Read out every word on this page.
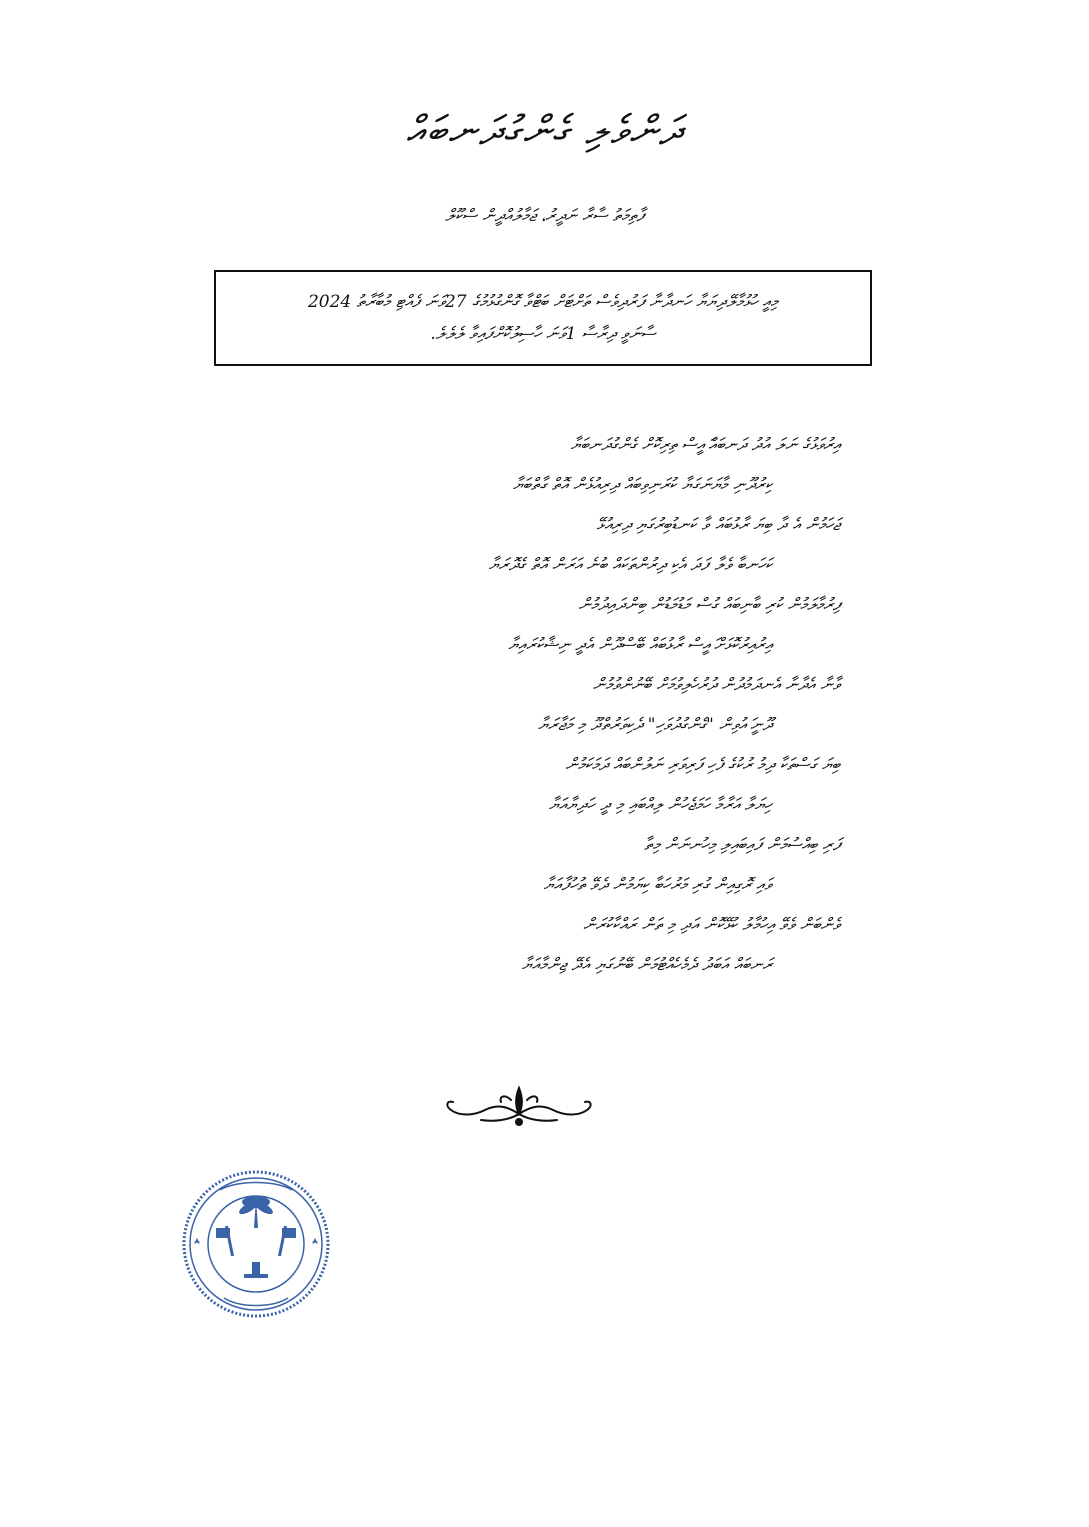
ދަންވެލި ގެންގުދަނބައް
ފާތިމަތު ސާރާ ނަދީރު، ޖަމާލުއްދީން ސްކޫލް
މިއީ ހުޅުމާލޭދިޔަޔާ ހަނދާނާ ފަރުދިވެސް ތަށްޓަށް ބަޓްވާ ގޮންގުޅުމުގެ 27ވަނަ ފެއްޓި މުބާރާތު 2024
ސާނަވީ ދިރާސާ 1ވަނަ ހާސިލުކޮށްފައިވާ ލެލެލެ.
އިރުވަޅުގެ ނަލަ އުދު ދަނބައް ައީސް ތިރިކޮށް ގެންގުދަނބަޔާ
ކިރުދޫނި މާޔަނަގަޔާ ކުރަނިވިބައް ދިރިއުޅެން އޮތް ގާތްބަޔާ
ޖަހަމުން އެ ދާ ބިޔަ ރާޅުބައް ވާ ކަނޑުބިރުގަޔި ދިރިއުޅޭ
ކަހަނބާ ވެލާ ފަދަ އެކި ދިރުންތަކައް ބުނެ އަރަން އޮތް ގެދޮރަޔާ
ފިރުމާލަމުން ކުރި ބާނިބައް ގުސް މަޑުމަޑުން ބިންދައިދުމުން
އިރުއިރުކޮޅަށް ައީސް ރާޅުބައް ބޭސްދޫން އެދީ ނިޝާކުރައިޔާ
ވާނާ އެދާނާ އެނދަމުދުން ދުރުހެލިވުމަށް ބޭނުންވުމުން
ދޫނީ ައުވިން "ގެންގުދުވަހި" ދެކިވަރުތްދޫ މި މަޖާރަޔާ
ބިޔަ ގަސްތަކާ ދިމު ރުކުގެ ފެހި ފަރިވަރި ނަލުންބައް ދަމަކަމުން
ހިޔަލާ އަރާމާ ހަމަޖެހުން ލިއްބައި މި ދީ ހަދިޔާއަޔާ
ފަރި ބިއްސުމަން ފައިބައިލި މިހުނނަން މިތާ
ވައި ރޮގިއިން ގުރި މަރުހަބާ ކިޔަމުން ދެވޭ ތުހުފާއަޔާ
ވެންބަން ވެވޭ އިހުމާލު ކުޅޭކޮން އަދި މި ތަން ރައްކާކުރަން
ރަނބައް އަބަދު ދެމެހެއްޓުމަން ބޭނުގަޔި އެދޭ ޖިންމާއަޔާ
